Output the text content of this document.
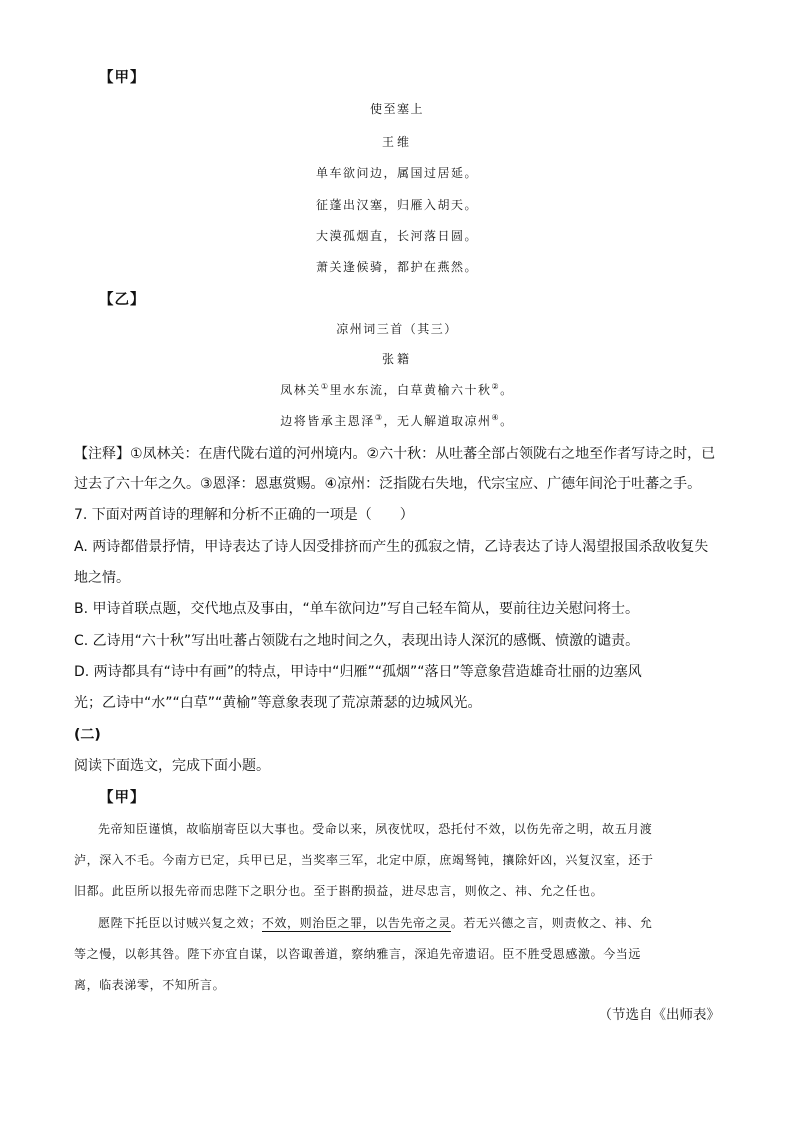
【甲】
使至塞上
王维
单车欲问边，属国过居延。
征蓬出汉塞，归雁入胡天。
大漠孤烟直，长河落日圆。
萧关逢候骑，都护在燕然。
【乙】
凉州词三首（其三）
张籍
凤林关①里水东流，白草黄榆六十秋②。
边将皆承主恩泽③，无人解道取凉州④。
【注释】①凤林关：在唐代陇右道的河州境内。②六十秋：从吐蕃全部占领陇右之地至作者写诗之时，已
过去了六十年之久。③恩泽：恩惠赏赐。④凉州：泛指陇右失地，代宗宝应、广德年间沦于吐蕃之手。
7. 下面对两首诗的理解和分析不正确的一项是（　　）
A. 两诗都借景抒情，甲诗表达了诗人因受排挤而产生的孤寂之情，乙诗表达了诗人渴望报国杀敌收复失
地之情。
B. 甲诗首联点题，交代地点及事由，“单车欲问边”写自己轻车简从，要前往边关慰问将士。
C. 乙诗用“六十秋”写出吐蕃占领陇右之地时间之久，表现出诗人深沉的感慨、愤激的谴责。
D. 两诗都具有“诗中有画”的特点，甲诗中“归雁”“孤烟”“落日”等意象营造雄奇壮丽的边塞风
光；乙诗中“水”“白草”“黄榆”等意象表现了荒凉萧瑟的边城风光。
(二)
阅读下面选文，完成下面小题。
【甲】
先帝知臣谨慎，故临崩寄臣以大事也。受命以来，夙夜忧叹，恐托付不效，以伤先帝之明，故五月渡
泸，深入不毛。今南方已定，兵甲已足，当奖率三军，北定中原，庶竭驽钝，攘除奸凶，兴复汉室，还于
旧都。此臣所以报先帝而忠陛下之职分也。至于斟酌损益，进尽忠言，则攸之、祎、允之任也。
愿陛下托臣以讨贼兴复之效；不效，则治臣之罪，以告先帝之灵。若无兴德之言，则责攸之、祎、允
等之慢，以彰其咎。陛下亦宜自谋，以咨诹善道，察纳雅言，深追先帝遗诏。臣不胜受恩感激。今当远
离，临表涕零，不知所言。
（节选自《出师表》
